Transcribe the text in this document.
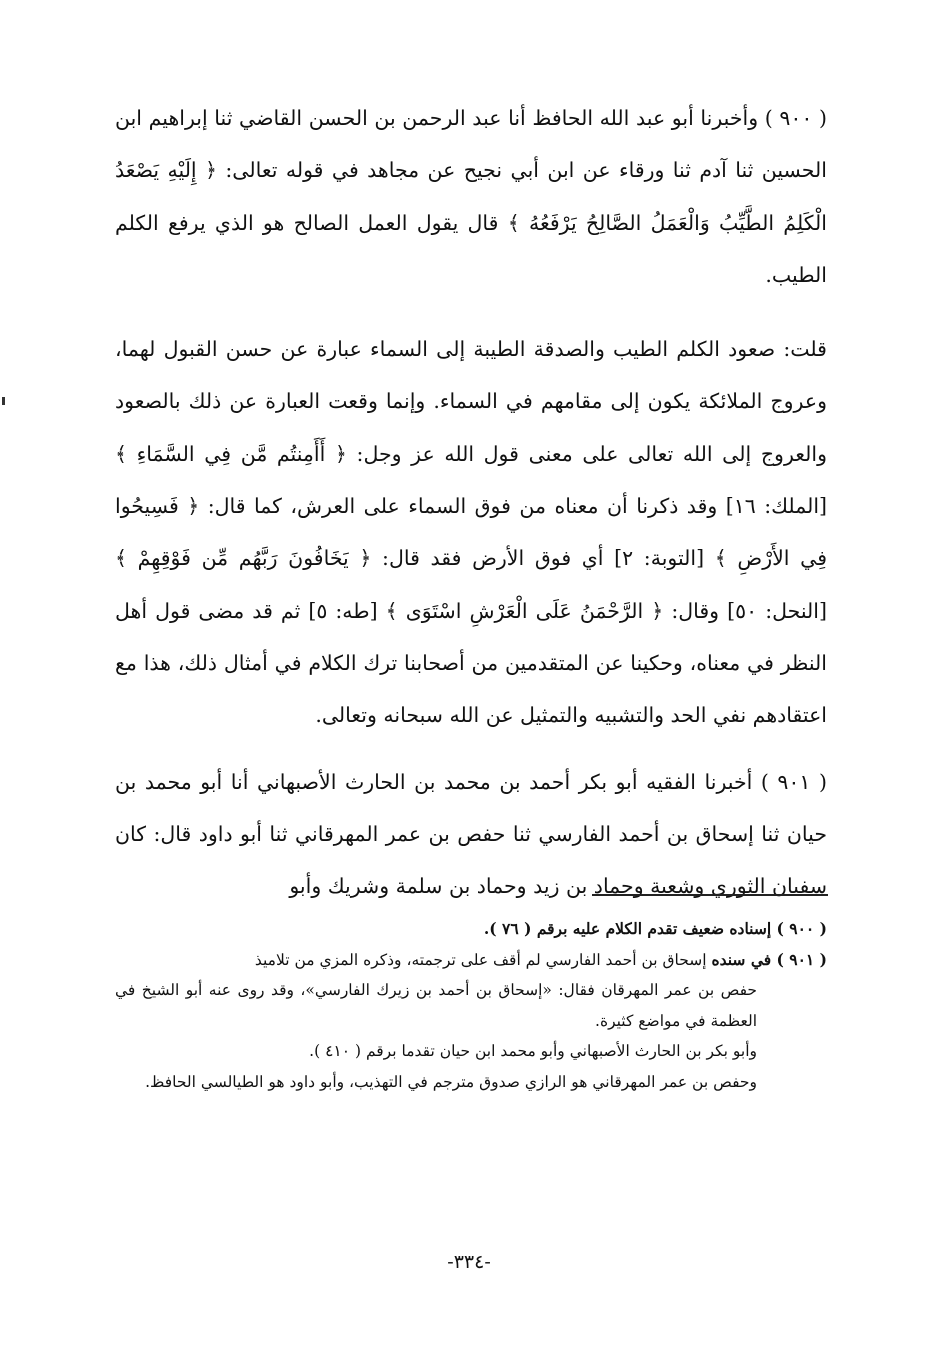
( ٩٠٠ ) وأخبرنا أبو عبد الله الحافظ أنا عبد الرحمن بن الحسن القاضي ثنا إبراهيم ابن الحسين ثنا آدم ثنا ورقاء عن ابن أبي نجيح عن مجاهد في قوله تعالى: ﴿ إِلَيْهِ يَصْعَدُ الْكَلِمُ الطَّيِّبُ وَالْعَمَلُ الصَّالِحُ يَرْفَعُهُ ﴾ قال يقول العمل الصالح هو الذي يرفع الكلم الطيب.

قلت: صعود الكلم الطيب والصدقة الطيبة إلى السماء عبارة عن حسن القبول لهما، وعروج الملائكة يكون إلى مقامهم في السماء. وإنما وقعت العبارة عن ذلك بالصعود والعروج إلى الله تعالى على معنى قول الله عز وجل: ﴿ أَأَمِنتُم مَّن فِي السَّمَاءِ ﴾ [الملك: ١٦] وقد ذكرنا أن معناه من فوق السماء على العرش، كما قال: ﴿ فَسِيحُوا فِي الأَرْضِ ﴾ [التوبة: ٢] أي فوق الأرض فقد قال: ﴿ يَخَافُونَ رَبَّهُم مِّن فَوْقِهِمْ ﴾ [النحل: ٥٠] وقال: ﴿ الرَّحْمَنُ عَلَى الْعَرْشِ اسْتَوَى ﴾ [طه: ٥] ثم قد مضى قول أهل النظر في معناه، وحكينا عن المتقدمين من أصحابنا ترك الكلام في أمثال ذلك، هذا مع اعتقادهم نفي الحد والتشبيه والتمثيل عن الله سبحانه وتعالى.

( ٩٠١ ) أخبرنا الفقيه أبو بكر أحمد بن محمد بن الحارث الأصبهاني أنا أبو محمد بن حيان ثنا إسحاق بن أحمد الفارسي ثنا حفص بن عمر المهرقاني ثنا أبو داود قال: كان سفيان الثوري وشعبة وحماد بن زيد وحماد بن سلمة وشريك وأبو

( ٩٠٠ ) إسناده ضعيف تقدم الكلام عليه برقم ( ٧٦ ).

( ٩٠١ ) في سنده إسحاق بن أحمد الفارسي لم أقف على ترجمته، وذكره المزي من تلاميذ

حفص بن عمر المهرقان فقال: «إسحاق بن أحمد بن زيرك الفارسي»، وقد روى عنه أبو الشيخ في العظمة في مواضع كثيرة.

وأبو بكر بن الحارث الأصبهاني وأبو محمد ابن حيان تقدما برقم ( ٤١٠ ).

وحفص بن عمر المهرقاني هو الرازي صدوق مترجم في التهذيب، وأبو داود هو الطيالسي الحافظ.

-٣٣٤-
